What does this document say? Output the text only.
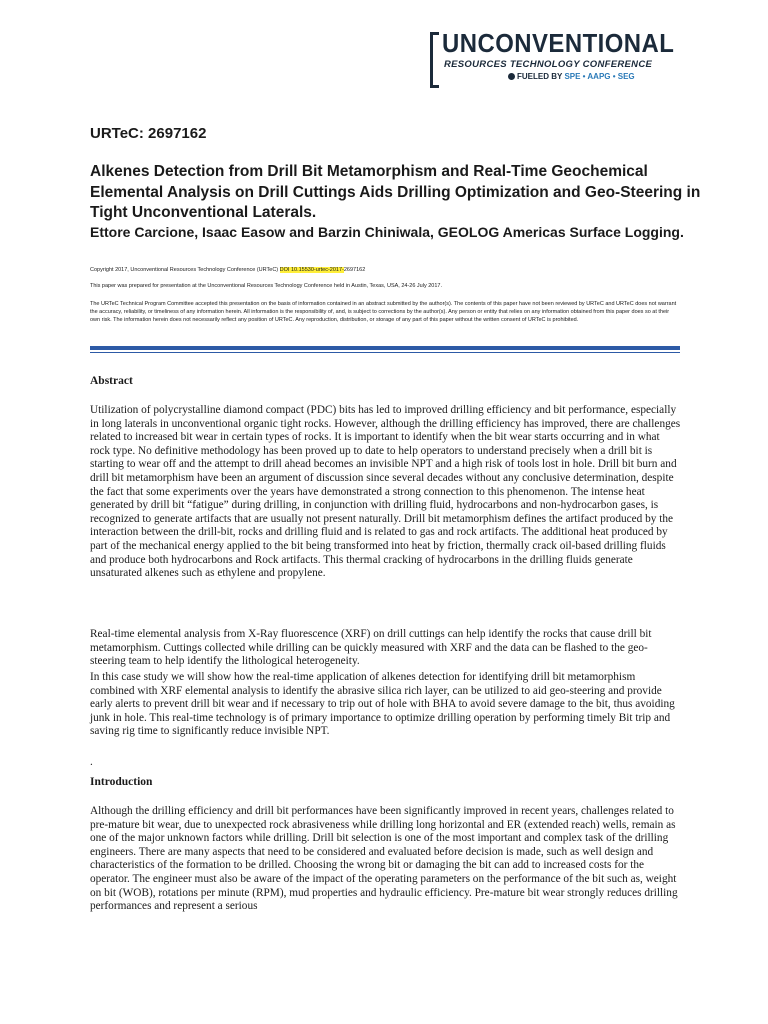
UNCONVENTIONAL
RESOURCES TECHNOLOGY CONFERENCE
FUELED BY SPE • AAPG • SEG
URTeC: 2697162
Alkenes Detection from Drill Bit Metamorphism and Real-Time Geochemical Elemental Analysis on Drill Cuttings Aids Drilling Optimization and Geo-Steering in Tight Unconventional Laterals.
Ettore Carcione, Isaac Easow and Barzin Chiniwala, GEOLOG Americas Surface Logging.
Copyright 2017, Unconventional Resources Technology Conference (URTeC) DOI 10.15530-urtec-2017-2697162
This paper was prepared for presentation at the Unconventional Resources Technology Conference held in Austin, Texas, USA, 24-26 July 2017.
The URTeC Technical Program Committee accepted this presentation on the basis of information contained in an abstract submitted by the author(s). The contents of this paper have not been reviewed by URTeC and URTeC does not warrant the accuracy, reliability, or timeliness of any information herein. All information is the responsibility of, and, is subject to corrections by the author(s). Any person or entity that relies on any information obtained from this paper does so at their own risk. The information herein does not necessarily reflect any position of URTeC. Any reproduction, distribution, or storage of any part of this paper without the written consent of URTeC is prohibited.
Abstract

Utilization of polycrystalline diamond compact (PDC) bits has led to improved drilling efficiency and bit performance, especially in long laterals in unconventional organic tight rocks. However, although the drilling efficiency has improved, there are challenges related to increased bit wear in certain types of rocks. It is important to identify when the bit wear starts occurring and in what rock type. No definitive methodology has been proved up to date to help operators to understand precisely when a drill bit is starting to wear off and the attempt to drill ahead becomes an invisible NPT and a high risk of tools lost in hole. Drill bit burn and drill bit metamorphism have been an argument of discussion since several decades without any conclusive determination, despite the fact that some experiments over the years have demonstrated a strong connection to this phenomenon. The intense heat generated by drill bit “fatigue” during drilling, in conjunction with drilling fluid, hydrocarbons and non-hydrocarbon gases, is recognized to generate artifacts that are usually not present naturally. Drill bit metamorphism defines the artifact produced by the interaction between the drill-bit, rocks and drilling fluid and is related to gas and rock artifacts. The additional heat produced by part of the mechanical energy applied to the bit being transformed into heat by friction, thermally crack oil-based drilling fluids and produce both hydrocarbons and Rock artifacts. This thermal cracking of hydrocarbons in the drilling fluids generate unsaturated alkenes such as ethylene and propylene.

Real-time elemental analysis from X-Ray fluorescence (XRF) on drill cuttings can help identify the rocks that cause drill bit metamorphism. Cuttings collected while drilling can be quickly measured with XRF and the data can be flashed to the geo-steering team to help identify the lithological heterogeneity.

In this case study we will show how the real-time application of alkenes detection for identifying drill bit metamorphism combined with XRF elemental analysis to identify the abrasive silica rich layer, can be utilized to aid geo-steering and provide early alerts to prevent drill bit wear and if necessary to trip out of hole with BHA to avoid severe damage to the bit, thus avoiding junk in hole. This real-time technology is of primary importance to optimize drilling operation by performing timely Bit trip and saving rig time to significantly reduce invisible NPT.

.

Introduction

Although the drilling efficiency and drill bit performances have been significantly improved in recent years, challenges related to pre-mature bit wear, due to unexpected rock abrasiveness while drilling long horizontal and ER (extended reach) wells, remain as one of the major unknown factors while drilling. Drill bit selection is one of the most important and complex task of the drilling engineers. There are many aspects that need to be considered and evaluated before decision is made, such as well design and characteristics of the formation to be drilled. Choosing the wrong bit or damaging the bit can add to increased costs for the operator. The engineer must also be aware of the impact of the operating parameters on the performance of the bit such as, weight on bit (WOB), rotations per minute (RPM), mud properties and hydraulic efficiency. Pre-mature bit wear strongly reduces drilling performances and represent a serious
